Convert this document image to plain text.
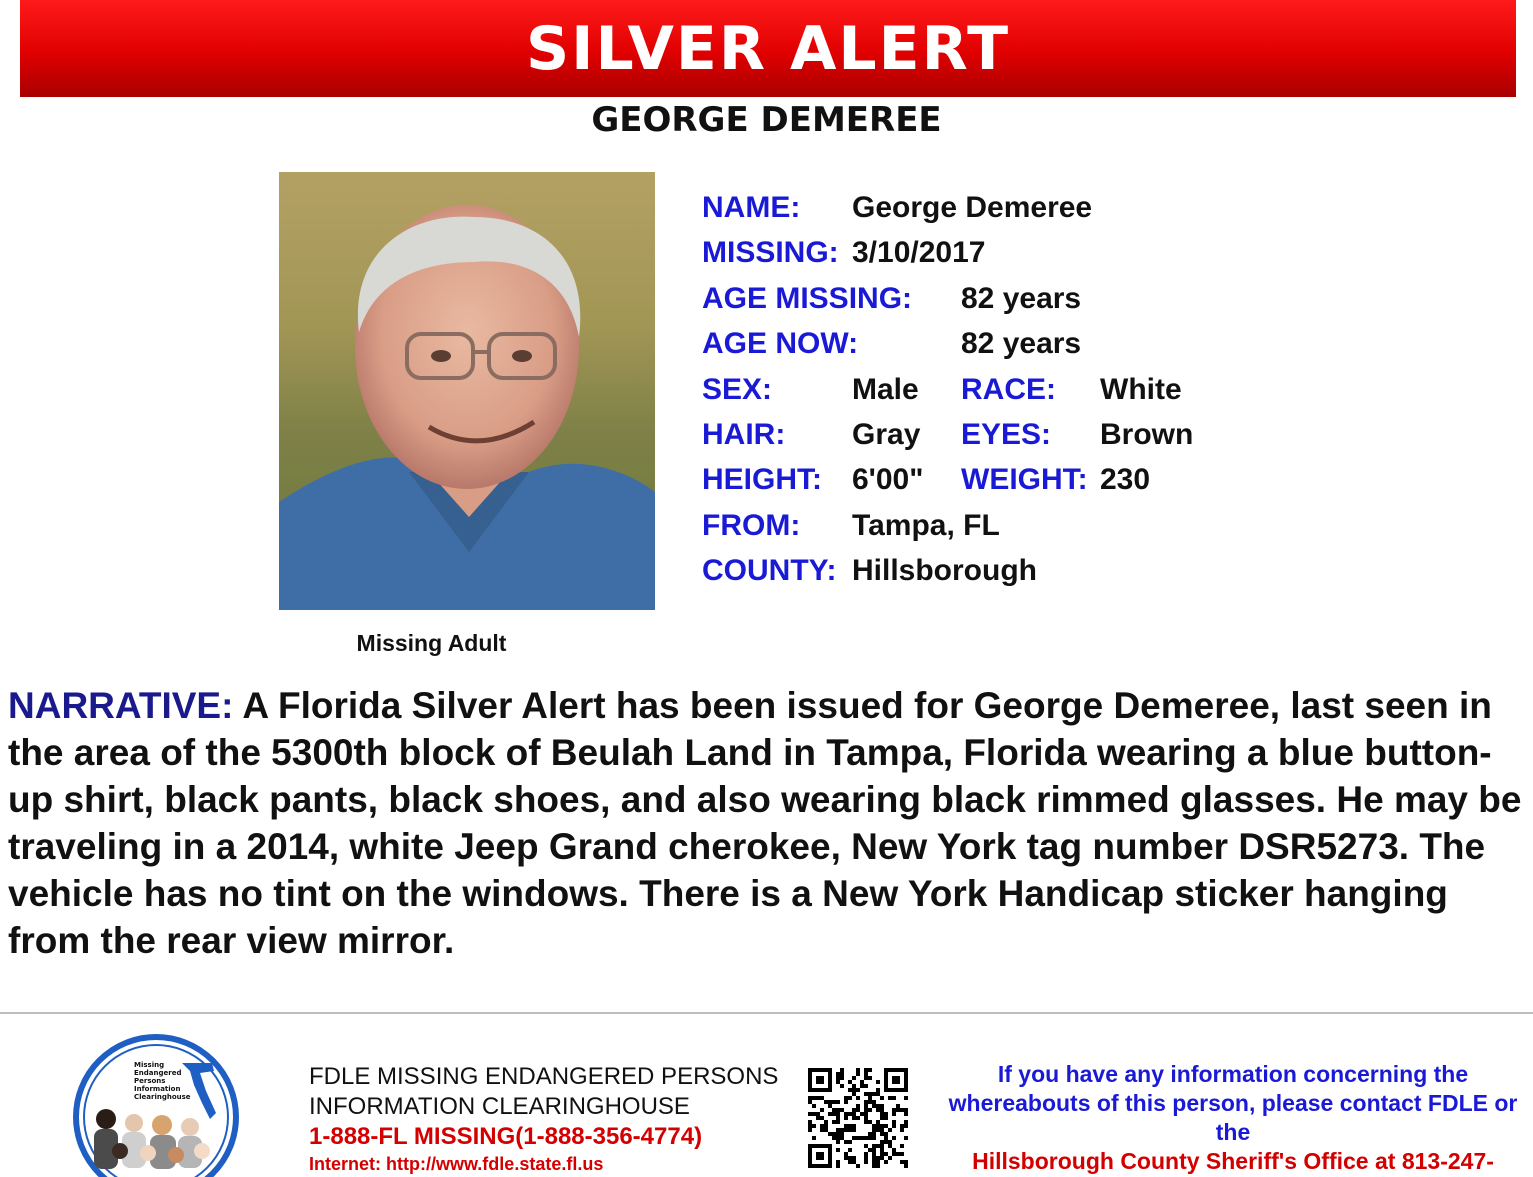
SILVER ALERT
GEORGE DEMEREE
Missing Adult
NAME: George Demeree
MISSING: 3/10/2017
AGE MISSING: 82 years
AGE NOW:	82 years
SEX:	Male RACE: White
HAIR: Gray EYES: Brown
HEIGHT: 6'00" WEIGHT: 230
FROM: Tampa, FL
COUNTY: Hillsborough
NARRATIVE: A Florida Silver Alert has been issued for George Demeree, last seen in the area of the 5300th block of Beulah Land in Tampa, Florida wearing a blue button-up shirt, black pants, black shoes, and also wearing black rimmed glasses. He may be traveling in a 2014, white Jeep Grand cherokee, New York tag number DSR5273. The vehicle has no tint on the windows. There is a New York Handicap sticker hanging from the rear view mirror.
Missing
Endangered
Persons
Information
Clearinghouse
FDLE MISSING ENDANGERED PERSONS
INFORMATION CLEARINGHOUSE
1-888-FL MISSING(1-888-356-4774)
Internet: http://www.fdle.state.fl.us
If you have any information concerning the whereabouts of this person, please contact FDLE or the
Hillsborough County Sheriff's Office at 813-247-
